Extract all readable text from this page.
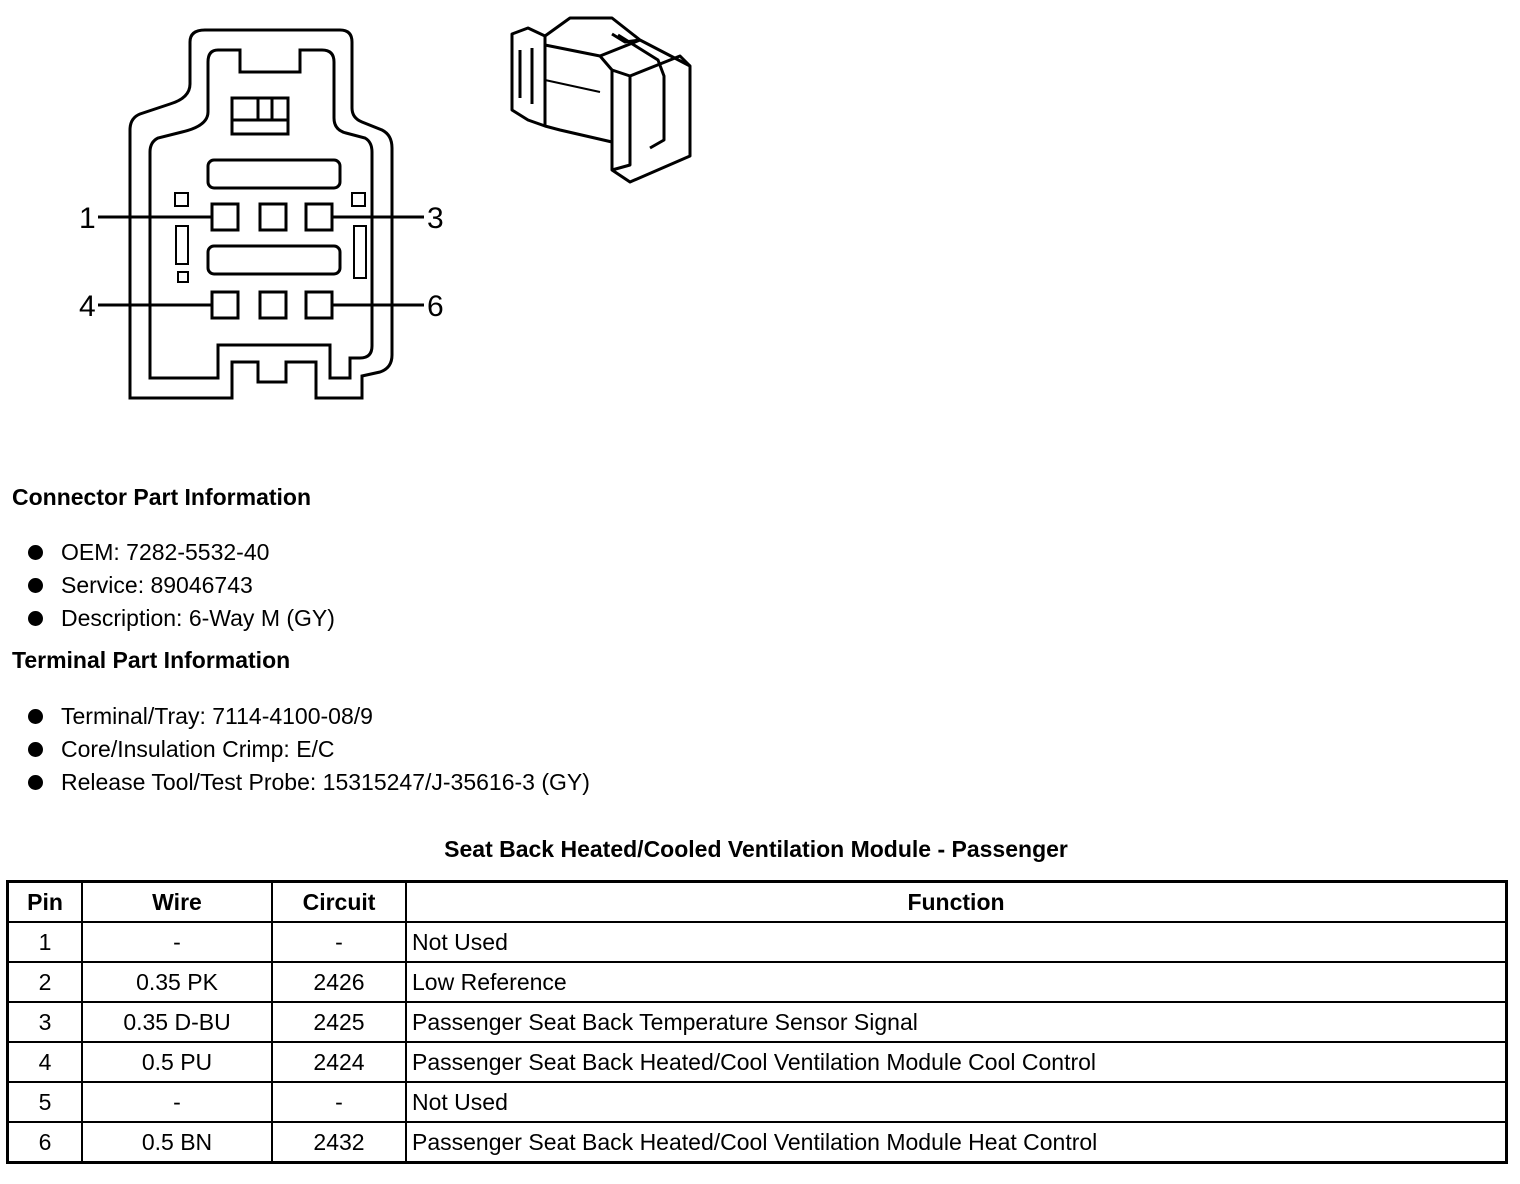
1	3
4	6
Connector Part Information
OEM: 7282-5532-40
Service: 89046743
Description: 6-Way M (GY)
Terminal Part Information
Terminal/Tray: 7114-4100-08/9
Core/Insulation Crimp: E/C
Release Tool/Test Probe: 15315247/J-35616-3 (GY)
Seat Back Heated/Cooled Ventilation Module - Passenger
Pin	Wire	Circuit	Function
1	-	-	Not Used
2	0.35 PK	2426	Low Reference
3	0.35 D-BU	2425	Passenger Seat Back Temperature Sensor Signal
4	0.5 PU	2424	Passenger Seat Back Heated/Cool Ventilation Module Cool Control
5	-	-	Not Used
6	0.5 BN	2432	Passenger Seat Back Heated/Cool Ventilation Module Heat Control
